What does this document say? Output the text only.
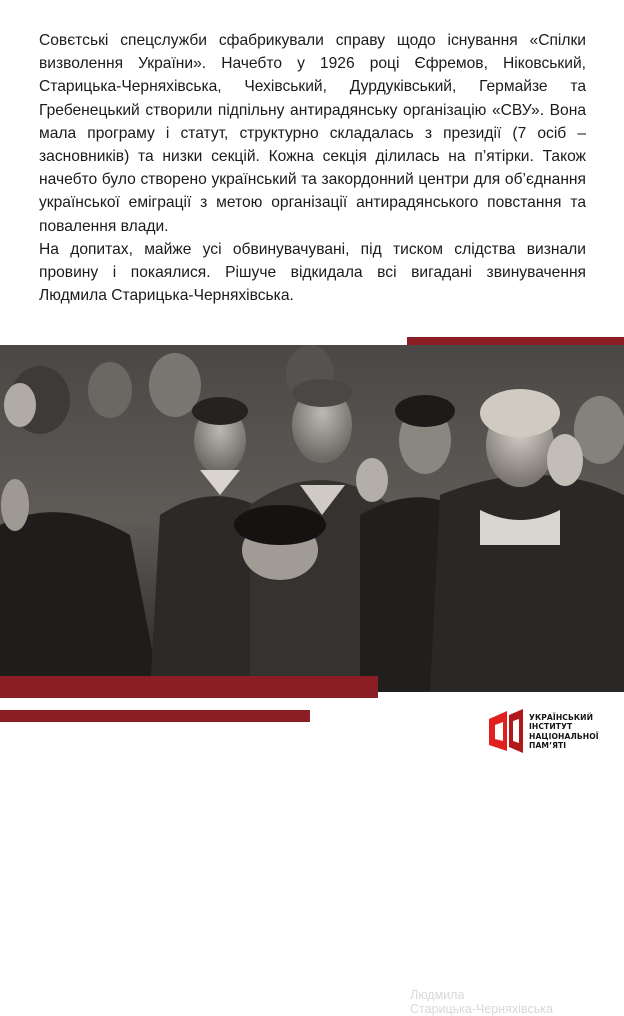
Совєтські спецслужби сфабрикували справу щодо існування «Спілки визволення України». Начебто у 1926 році Єфремов, Ніковський, Старицька-Черняхівська, Чехівський, Дурдуківський, Гермайзе та Гребенецький створили підпільну антирадянську організацію «СВУ». Вона мала програму і статут, структурно складалась з президії (7 осіб – засновників) та низки секцій. Кожна секція ділилась на п’ятірки. Також начебто було створено український та закордонний центри для об’єднання української еміграції з метою організації антирадянського повстання та повалення влади.

На допитах, майже усі обвинувачувані, під тиском слідства визнали провину і покаялися. Рішуче відкидала всі вигадані звинувачення Людмила Старицька-Черняхівська.

Людмила
Старицька-Черняхівська
УКРАЇНСЬКИЙ
ІНСТИТУТ
НАЦІОНАЛЬНОЇ
ПАМ’ЯТІ
